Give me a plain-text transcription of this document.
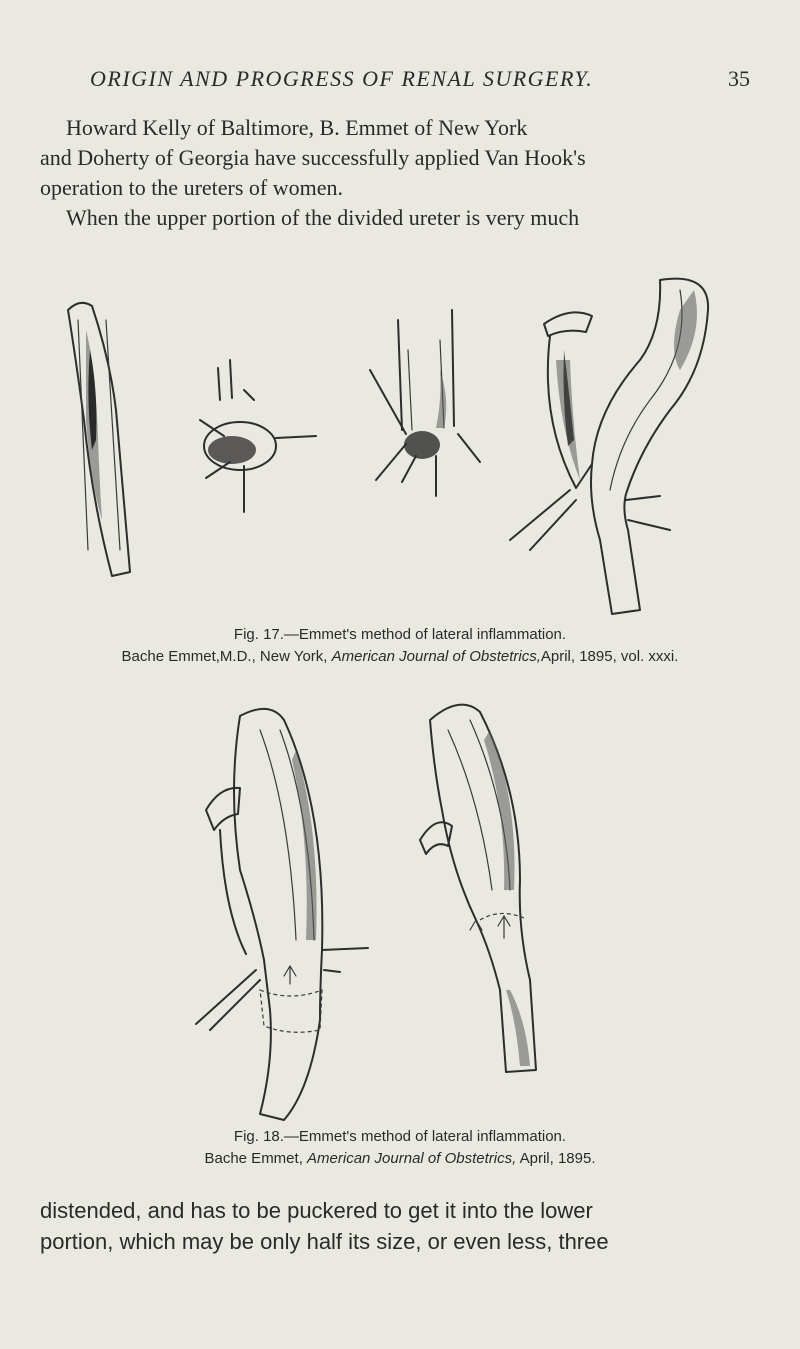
ORIGIN AND PROGRESS OF RENAL SURGERY.	35

Howard Kelly of Baltimore, B. Emmet of New York
and Doherty of Georgia have successfully applied Van Hook's
operation to the ureters of women.
When the upper portion of the divided ureter is very much

Fig. 17.—Emmet's method of lateral inflammation.
Bache Emmet,M.D., New York, American Journal of Obstetrics,April, 1895, vol. xxxi.
Fig. 18.—Emmet's method of lateral inflammation.
Bache Emmet, American Journal of Obstetrics, April, 1895.

distended, and has to be puckered to get it into the lower
portion, which may be only half its size, or even less, three
